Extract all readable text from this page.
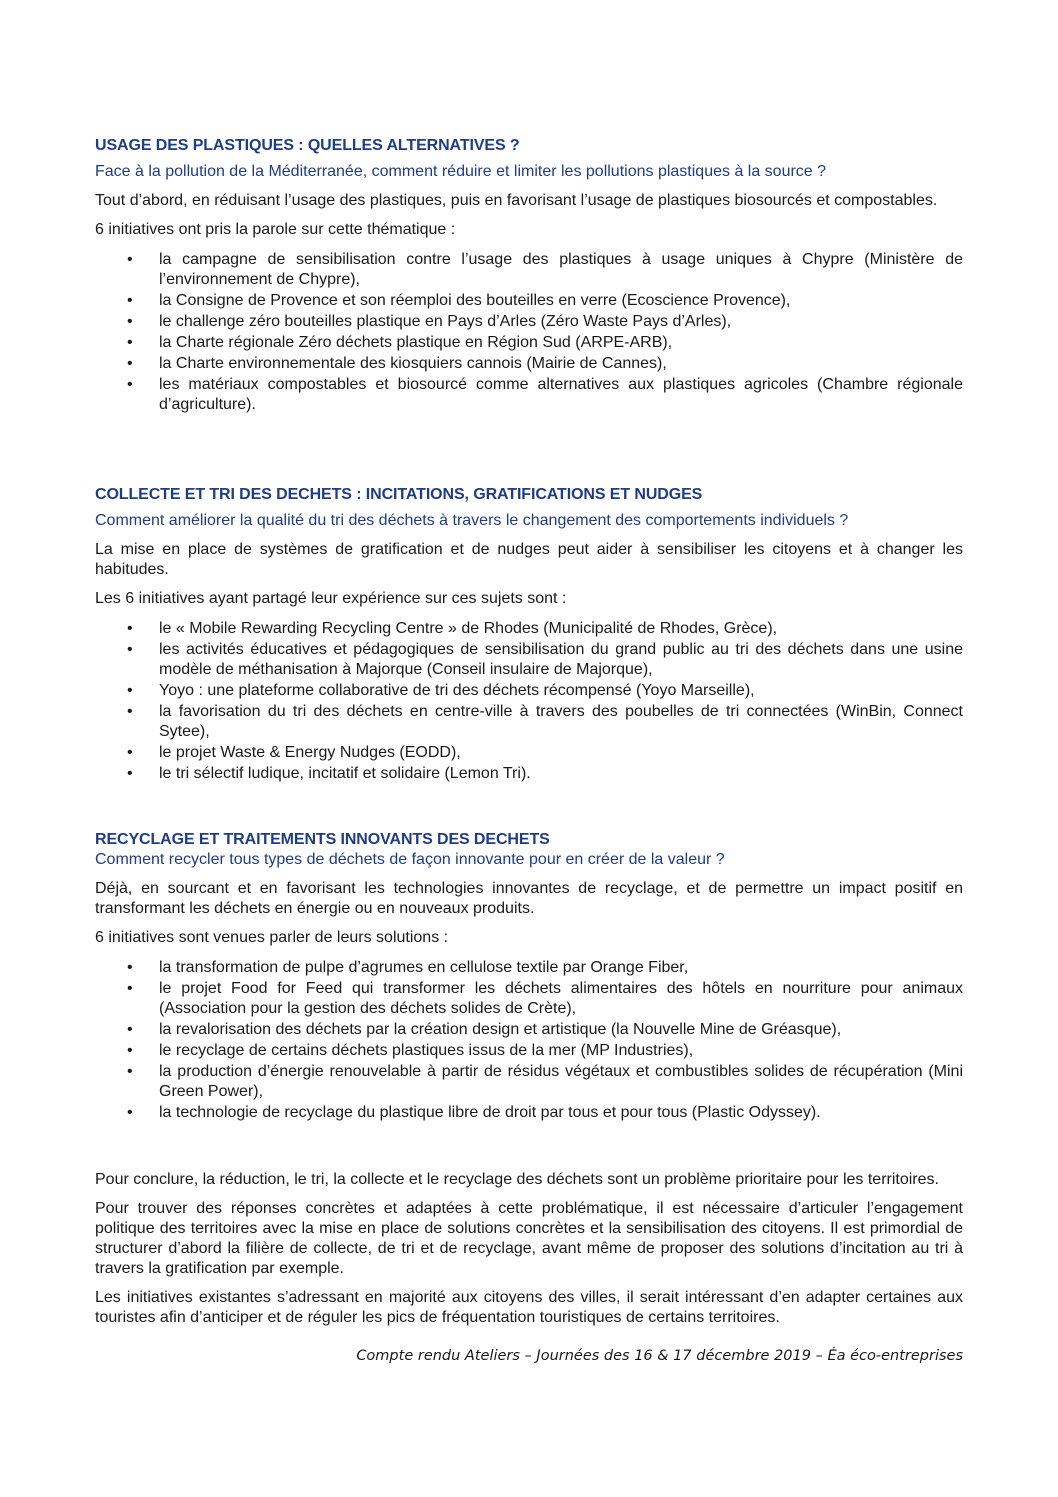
USAGE DES PLASTIQUES : QUELLES ALTERNATIVES ?
Face à la pollution de la Méditerranée, comment réduire et limiter les pollutions plastiques à la source ?

Tout d’abord, en réduisant l’usage des plastiques, puis en favorisant l’usage de plastiques biosourcés et compostables.

6 initiatives ont pris la parole sur cette thématique :

• la campagne de sensibilisation contre l’usage des plastiques à usage uniques à Chypre (Ministère de l’environnement de Chypre),
• la Consigne de Provence et son réemploi des bouteilles en verre (Ecoscience Provence),
• le challenge zéro bouteilles plastique en Pays d’Arles (Zéro Waste Pays d’Arles),
• la Charte régionale Zéro déchets plastique en Région Sud (ARPE-ARB),
• la Charte environnementale des kiosquiers cannois (Mairie de Cannes),
• les matériaux compostables et biosourcé comme alternatives aux plastiques agricoles (Chambre régionale d’agriculture).
COLLECTE ET TRI DES DECHETS : INCITATIONS, GRATIFICATIONS ET NUDGES
Comment améliorer la qualité du tri des déchets à travers le changement des comportements individuels ?

La mise en place de systèmes de gratification et de nudges peut aider à sensibiliser les citoyens et à changer les habitudes.

Les 6 initiatives ayant partagé leur expérience sur ces sujets sont :

• le « Mobile Rewarding Recycling Centre » de Rhodes (Municipalité de Rhodes, Grèce),
• les activités éducatives et pédagogiques de sensibilisation du grand public au tri des déchets dans une usine modèle de méthanisation à Majorque (Conseil insulaire de Majorque),
• Yoyo : une plateforme collaborative de tri des déchets récompensé (Yoyo Marseille),
• la favorisation du tri des déchets en centre-ville à travers des poubelles de tri connectées (WinBin, Connect Sytee),
• le projet Waste & Energy Nudges (EODD),
• le tri sélectif ludique, incitatif et solidaire (Lemon Tri).
RECYCLAGE ET TRAITEMENTS INNOVANTS DES DECHETS
Comment recycler tous types de déchets de façon innovante pour en créer de la valeur ?

Déjà, en sourcant et en favorisant les technologies innovantes de recyclage, et de permettre un impact positif en transformant les déchets en énergie ou en nouveaux produits.

6 initiatives sont venues parler de leurs solutions :

• la transformation de pulpe d’agrumes en cellulose textile par Orange Fiber,
• le projet Food for Feed qui transformer les déchets alimentaires des hôtels en nourriture pour animaux (Association pour la gestion des déchets solides de Crète),
• la revalorisation des déchets par la création design et artistique (la Nouvelle Mine de Gréasque),
• le recyclage de certains déchets plastiques issus de la mer (MP Industries),
• la production d’énergie renouvelable à partir de résidus végétaux et combustibles solides de récupération (Mini Green Power),
• la technologie de recyclage du plastique libre de droit par tous et pour tous (Plastic Odyssey).

Pour conclure, la réduction, le tri, la collecte et le recyclage des déchets sont un problème prioritaire pour les territoires.

Pour trouver des réponses concrètes et adaptées à cette problématique, il est nécessaire d’articuler l’engagement politique des territoires avec la mise en place de solutions concrètes et la sensibilisation des citoyens. Il est primordial de structurer d’abord la filière de collecte, de tri et de recyclage, avant même de proposer des solutions d’incitation au tri à travers la gratification par exemple.

Les initiatives existantes s’adressant en majorité aux citoyens des villes, il serait intéressant d’en adapter certaines aux touristes afin d’anticiper et de réguler les pics de fréquentation touristiques de certains territoires.

Compte rendu Ateliers – Journées des 16 & 17 décembre 2019 – Éa éco-entreprises
